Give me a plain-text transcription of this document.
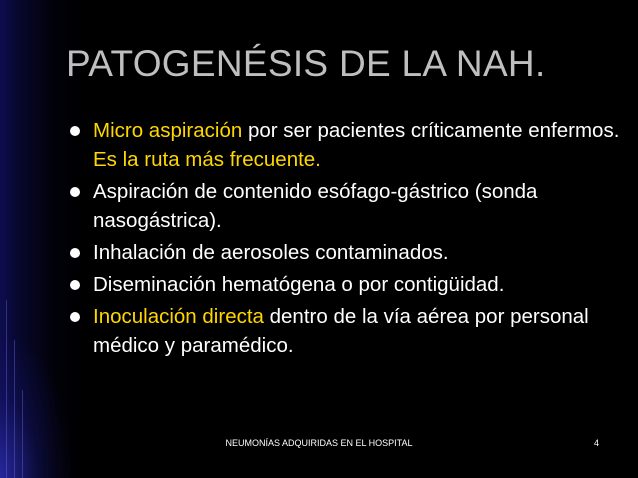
PATOGENÉSIS DE LA NAH.
Micro aspiración por ser pacientes críticamente enfermos. Es la ruta más frecuente.
Aspiración de contenido esófago-gástrico (sonda nasogástrica).
Inhalación de aerosoles contaminados.
Diseminación hematógena o por contigüidad.
Inoculación directa dentro de la vía aérea por personal médico y paramédico.
NEUMONÍAS ADQUIRIDAS EN EL HOSPITAL	4
